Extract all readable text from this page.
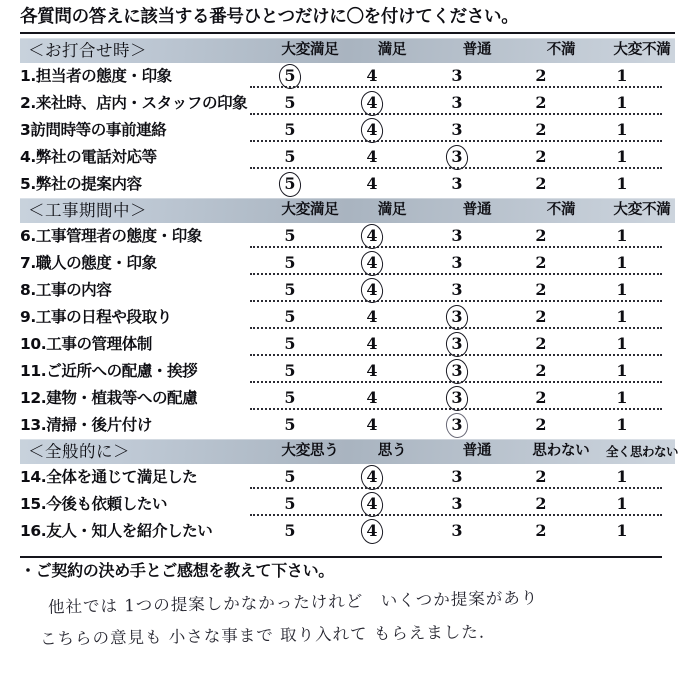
各質問の答えに該当する番号ひとつだけに〇を付けてください。
＜お打合せ時＞	大変満足	満足	普通	不満	大変不満
1.担当者の態度・印象	5	4	3	2	1
2.来社時、店内・スタッフの印象	5	4	3	2	1
3訪問時等の事前連絡	5	4	3	2	1
4.弊社の電話対応等	5	4	3	2	1
5.弊社の提案内容	5	4	3	2	1
＜工事期間中＞	大変満足	満足	普通	不満	大変不満
6.工事管理者の態度・印象	5	4	3	2	1
7.職人の態度・印象	5	4	3	2	1
8.工事の内容	5	4	3	2	1
9.工事の日程や段取り	5	4	3	2	1
10.工事の管理体制	5	4	3	2	1
11.ご近所への配慮・挨拶	5	4	3	2	1
12.建物・植栽等への配慮	5	4	3	2	1
13.清掃・後片付け	5	4	3	2	1
＜全般的に＞	大変思う	思う	普通	思わない	全く思わない
14.全体を通じて満足した	5	4	3	2	1
15.今後も依頼したい	5	4	3	2	1
16.友人・知人を紹介したい	5	4	3	2	1
・ご契約の決め手とご感想を教えて下さい。
他社では 1つの提案しかなかったけれど　いくつか提案があり
こちらの意見も 小さな事まで 取り入れて もらえました.
